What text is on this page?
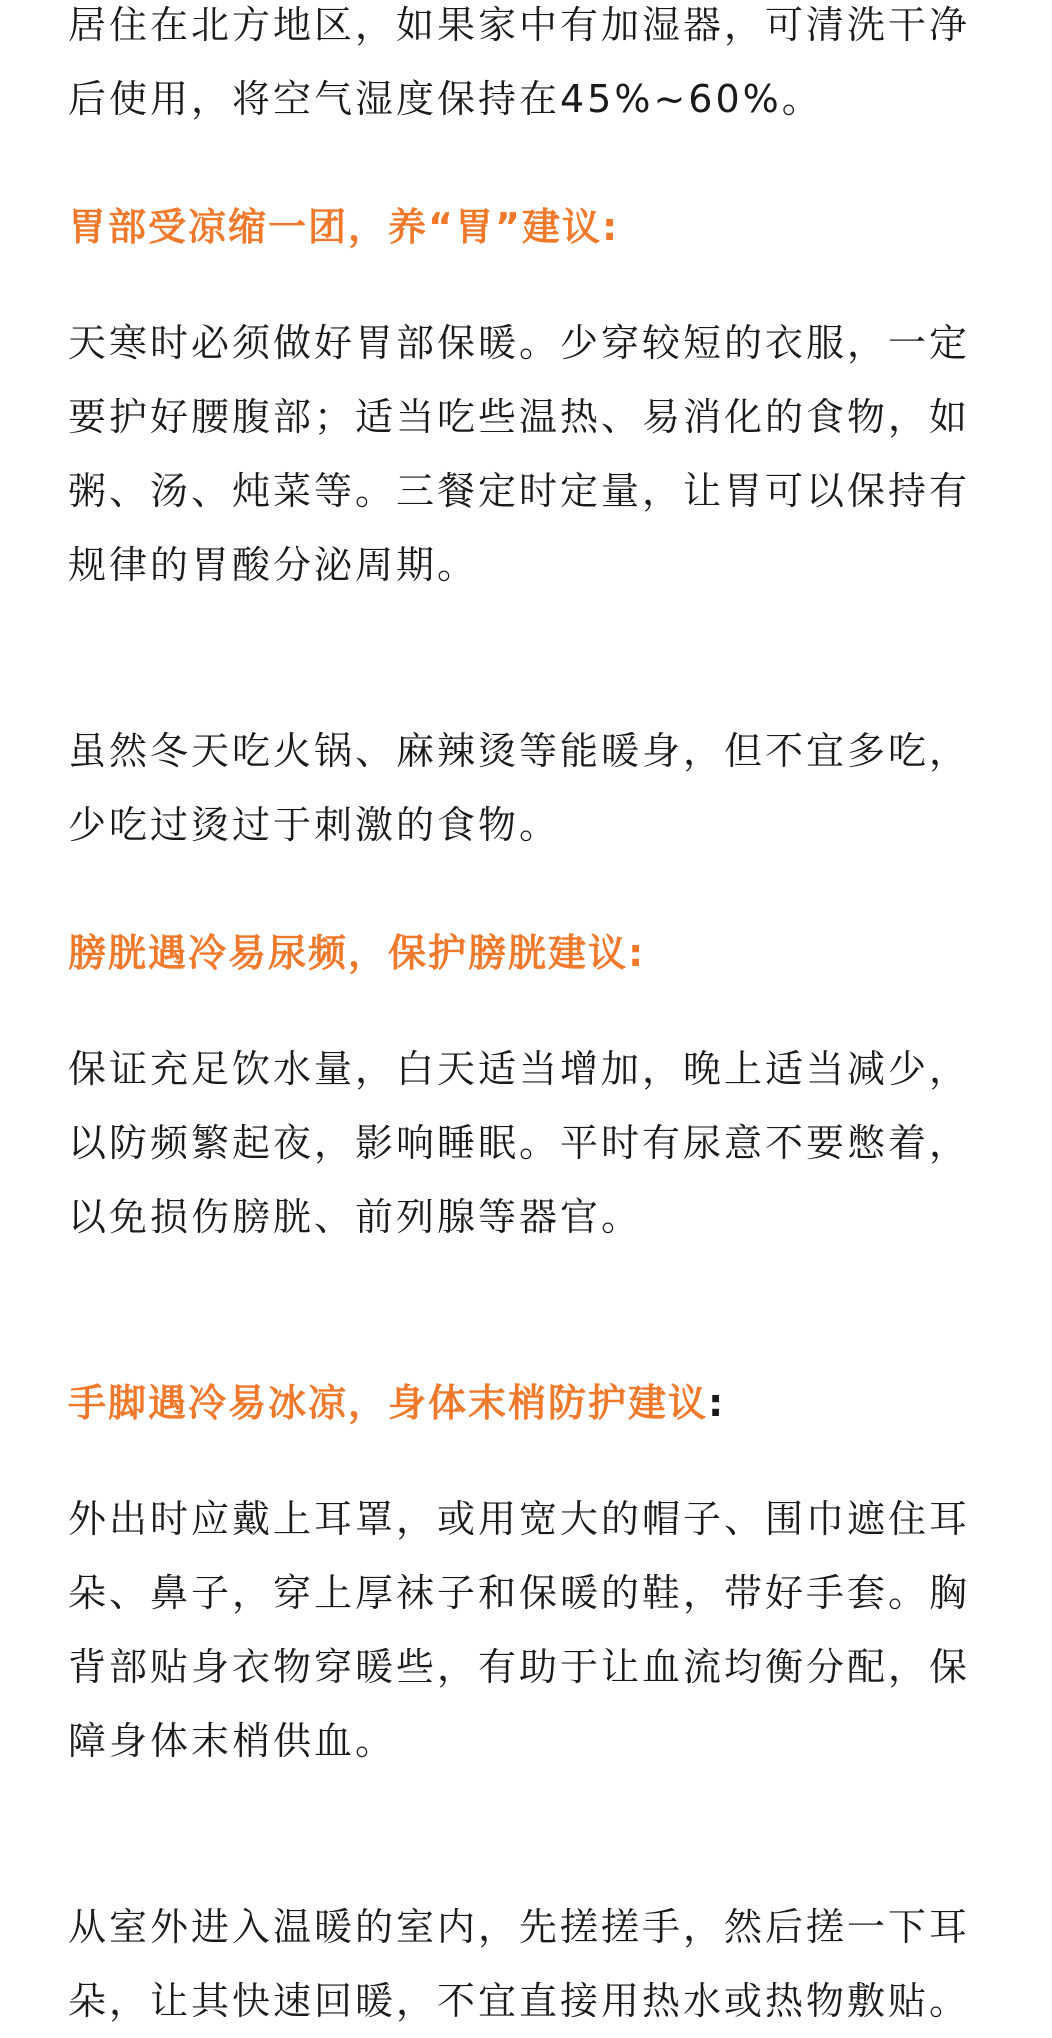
居住在北方地区，如果家中有加湿器，可清洗干净后使用，将空气湿度保持在45%~60%。

胃部受凉缩一团，养“胃”建议:

天寒时必须做好胃部保暖。少穿较短的衣服，一定要护好腰腹部；适当吃些温热、易消化的食物，如粥、汤、炖菜等。三餐定时定量，让胃可以保持有规律的胃酸分泌周期。

虽然冬天吃火锅、麻辣烫等能暖身，但不宜多吃，少吃过烫过于刺激的食物。

膀胱遇冷易尿频，保护膀胱建议:

保证充足饮水量，白天适当增加，晚上适当减少，以防频繁起夜，影响睡眠。平时有尿意不要憋着，以免损伤膀胱、前列腺等器官。

手脚遇冷易冰凉，身体末梢防护建议:

外出时应戴上耳罩，或用宽大的帽子、围巾遮住耳朵、鼻子，穿上厚袜子和保暖的鞋，带好手套。胸背部贴身衣物穿暖些，有助于让血流均衡分配，保障身体末梢供血。

从室外进入温暖的室内，先搓搓手，然后搓一下耳朵，让其快速回暖，不宜直接用热水或热物敷贴。
